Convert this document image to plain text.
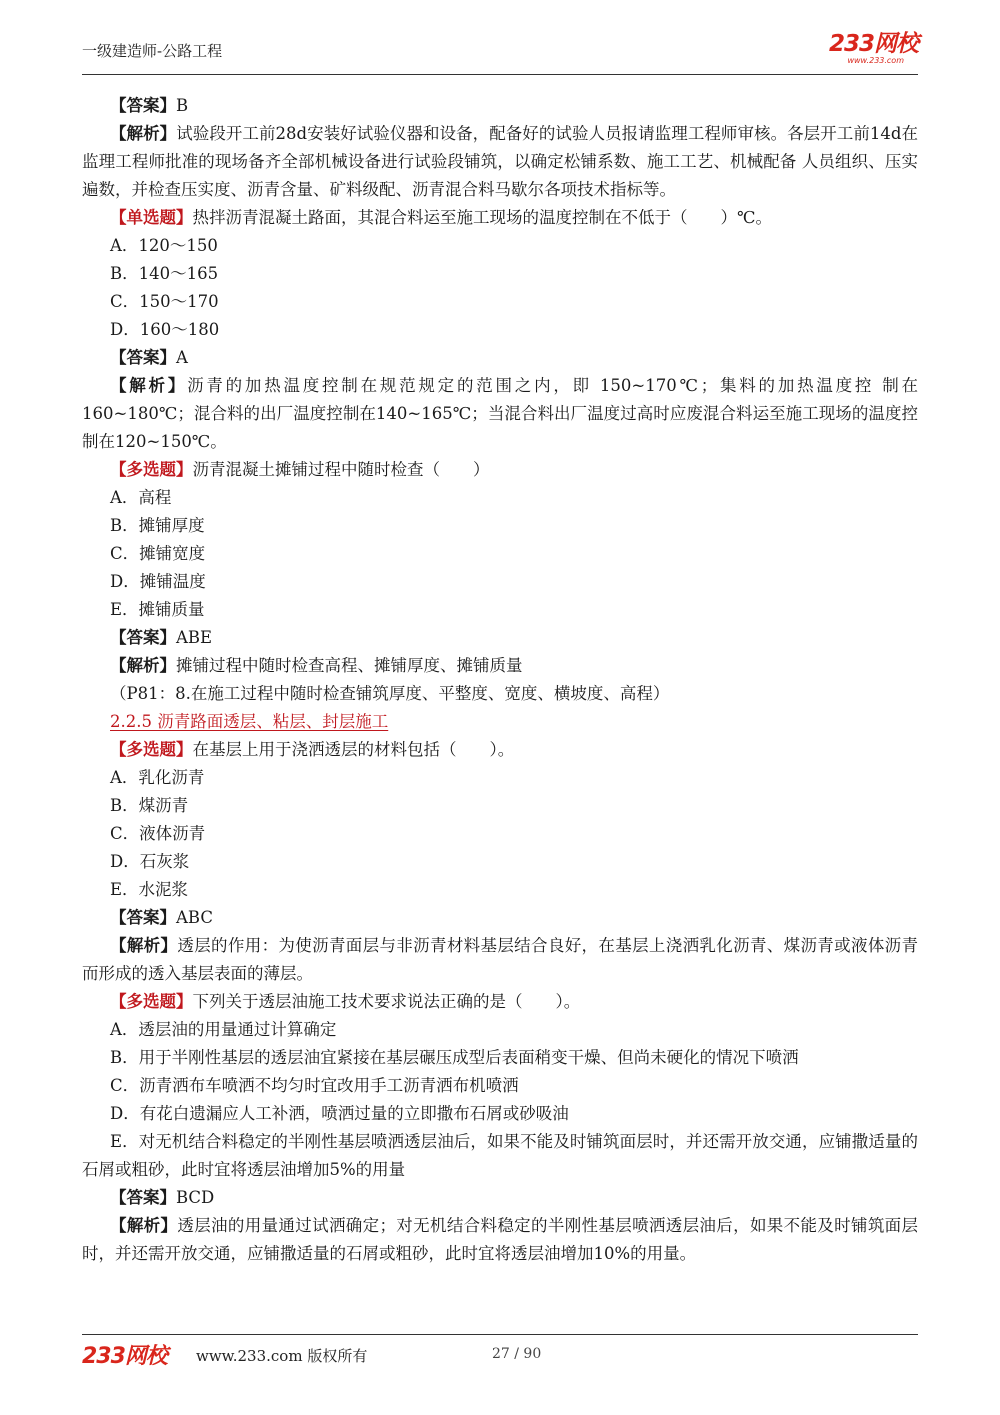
一级建造师-公路工程	233网校
www.233.com
【答案】B
【解析】试验段开工前28d安装好试验仪器和设备，配备好的试验人员报请监理工程师审核。各层开工前14d在监理工程师批准的现场备齐全部机械设备进行试验段铺筑，以确定松铺系数、施工工艺、机械配备 人员组织、压实遍数，并检查压实度、沥青含量、矿料级配、沥青混合料马歇尔各项技术指标等。
【单选题】热拌沥青混凝土路面，其混合料运至施工现场的温度控制在不低于（　　）℃。
A．120～150
B．140～165
C．150～170
D．160～180
【答案】A
【解析】沥青的加热温度控制在规范规定的范围之内，即 150~170℃；集料的加热温度控 制在160~180℃；混合料的出厂温度控制在140~165℃；当混合料出厂温度过高时应废混合料运至施工现场的温度控制在120~150℃。
【多选题】沥青混凝土摊铺过程中随时检查（　　）
A．高程
B．摊铺厚度
C．摊铺宽度
D．摊铺温度
E．摊铺质量
【答案】ABE
【解析】摊铺过程中随时检查高程、摊铺厚度、摊铺质量
（P81：8.在施工过程中随时检查铺筑厚度、平整度、宽度、横坡度、高程）
2.2.5 沥青路面透层、粘层、封层施工
【多选题】在基层上用于浇洒透层的材料包括（　　）。
A．乳化沥青
B．煤沥青
C．液体沥青
D．石灰浆
E．水泥浆
【答案】ABC
【解析】透层的作用：为使沥青面层与非沥青材料基层结合良好，在基层上浇洒乳化沥青、煤沥青或液体沥青而形成的透入基层表面的薄层。
【多选题】下列关于透层油施工技术要求说法正确的是（　　）。
A．透层油的用量通过计算确定
B．用于半刚性基层的透层油宜紧接在基层碾压成型后表面稍变干燥、但尚未硬化的情况下喷洒
C．沥青洒布车喷洒不均匀时宜改用手工沥青洒布机喷洒
D．有花白遗漏应人工补洒，喷洒过量的立即撒布石屑或砂吸油
E．对无机结合料稳定的半刚性基层喷洒透层油后，如果不能及时铺筑面层时，并还需开放交通，应铺撒适量的石屑或粗砂，此时宜将透层油增加5%的用量
【答案】BCD
【解析】透层油的用量通过试洒确定；对无机结合料稳定的半刚性基层喷洒透层油后，如果不能及时铺筑面层时，并还需开放交通，应铺撒适量的石屑或粗砂，此时宜将透层油增加10%的用量。
233网校 www.233.com 版权所有	27 / 90
